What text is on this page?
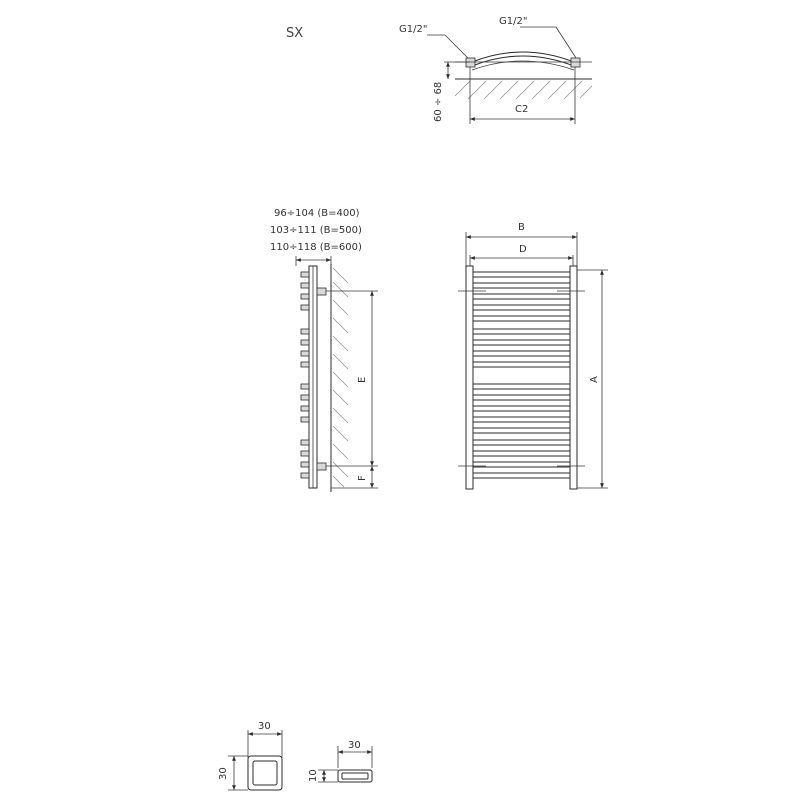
SX	G1/2"
G1/2"
60 ÷ 68	C2
96÷104 (B=400)
103÷111 (B=500)
110÷118 (B=600)
E
F
B
D
A
30
30
30
10
